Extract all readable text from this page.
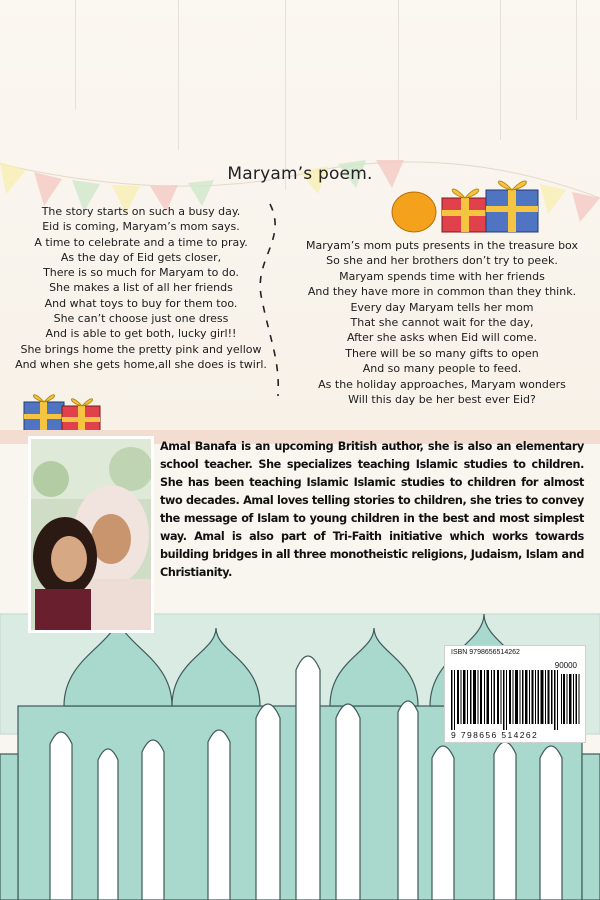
Maryam’s poem.
The story starts on such a busy day.
Eid is coming, Maryam’s mom says.
A time to celebrate and a time to pray.
As the day of Eid gets closer,
There is so much for Maryam to do.
She makes a list of all her friends
And what toys to buy for them too.
She can’t choose just one dress
And is able to get both, lucky girl!!
She brings home the pretty pink and yellow
And when she gets home,all she does is twirl.
Maryam’s mom puts presents in the treasure box
So she and her brothers don’t try to peek.
Maryam spends time with her friends
And they have more in common than they think.
Every day Maryam tells her mom
That she cannot wait for the day,
After she asks when Eid will come.
There will be so many gifts to open
And so many people to feed.
As the holiday approaches, Maryam wonders
Will this day be her best ever Eid?

Amal Banafa is an upcoming British author, she is also an elementary school teacher. She specializes teaching Islamic studies to children. She has been teaching Islamic Islamic studies to children for almost two decades. Amal loves telling stories to children, she tries to convey the message of Islam to young children in the best and most simplest way. Amal is also part of Tri-Faith initiative which works towards building bridges in all three monotheistic religions, Judaism, Islam and Christianity.

ISBN 9798656514262
90000
9 798656 514262
